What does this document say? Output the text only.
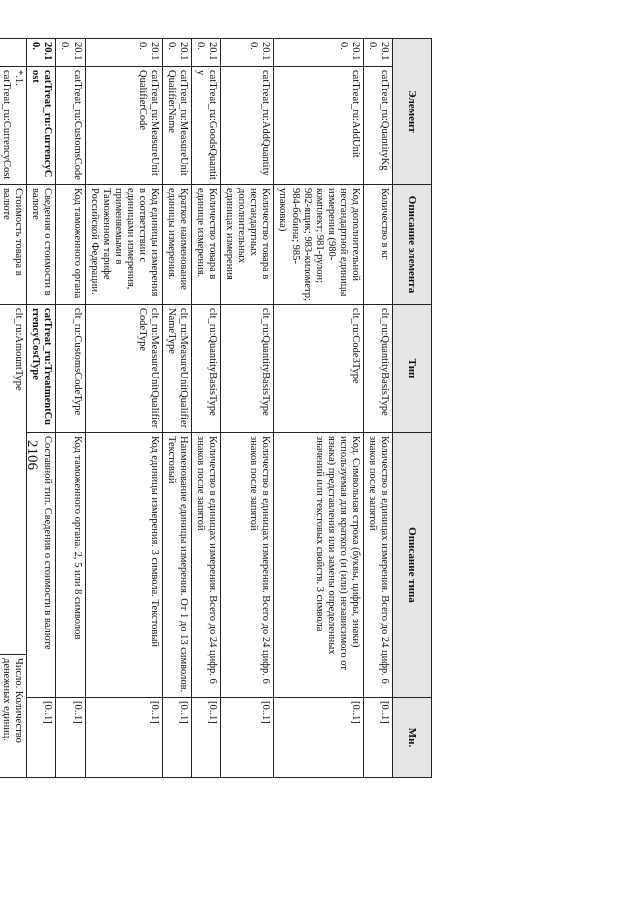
2106
Элемент		Описание элемента	Тип	Описание типа		Мн.	
20.10.	catTreat_ru:QuantityKg	Количество в кг	clt_ru:QuantityBasisType	Количество в единицах измерения. Всего до 24 цифр. 6 знаков после запятой		[0..1]	
20.10.	catTreat_ru:AddUnit	Код дополнительной нестандартной единицы измерения (980-комплект; 981-рулон; 982-ящик; 983-километр; 984-бобина; 985-упаковка)	clt_ru:Code3Type	Код. Символьная строка (буквы, цифры, знаки) используемая для краткого (и (или) независимого от языка) представления или замены определенных значений или текстовых свойств. 3 символа		[0..1]	
20.10.	catTreat_ru:AddQuantity	Количество товара в нестандартных дополнительных единицах измерения	clt_ru:QuantityBasisType	Количество в единицах измерения. Всего до 24 цифр. 6 знаков после запятой		[0..1]	
20.10.	catTreat_ru:GoodsQuantity	Количество товара в единице измерения.	clt_ru:QuantityBasisType	Количество в единицах измерения. Всего до 24 цифр. 6 знаков после запятой		[0..1]	
20.10.	catTreat_ru:MeasureUnitQualifierName	Краткое наименование единицы измерения.	clt_ru:MeasureUnitQualifierNameType	Наименование единицы измерения. От 1 до 13 символов. Текстовый		[0..1]	
20.10.	catTreat_ru:MeasureUnitQualifierCode	Код единицы измерения в соответствии с единицами измерения, применяемыми в Таможенном тарифе Российской Федерации.	clt_ru:MeasureUnitQualifierCodeType	Код единицы измерения. 3 символа. Текстовый		[0..1]	
20.10.	catTreat_ru:CustomsCode	Код таможенного органа	clt_ru:CustomsCodeType	Код таможенного органа. 2, 5 или 8 символов		[0..1]	
20.10.	catTreat_ru:CurrencyCost	Сведения о стоимости в валюте	catTreat_ru:TreatmentCurrencyCostType	Составной тип. Сведения о стоимости в валюте		[0..1]	
	*.1. catTreat_ru:CurrencyCost	Стоимость товара в валюте	clt_ru:AmountType		Число. Количество денежных единиц.		
